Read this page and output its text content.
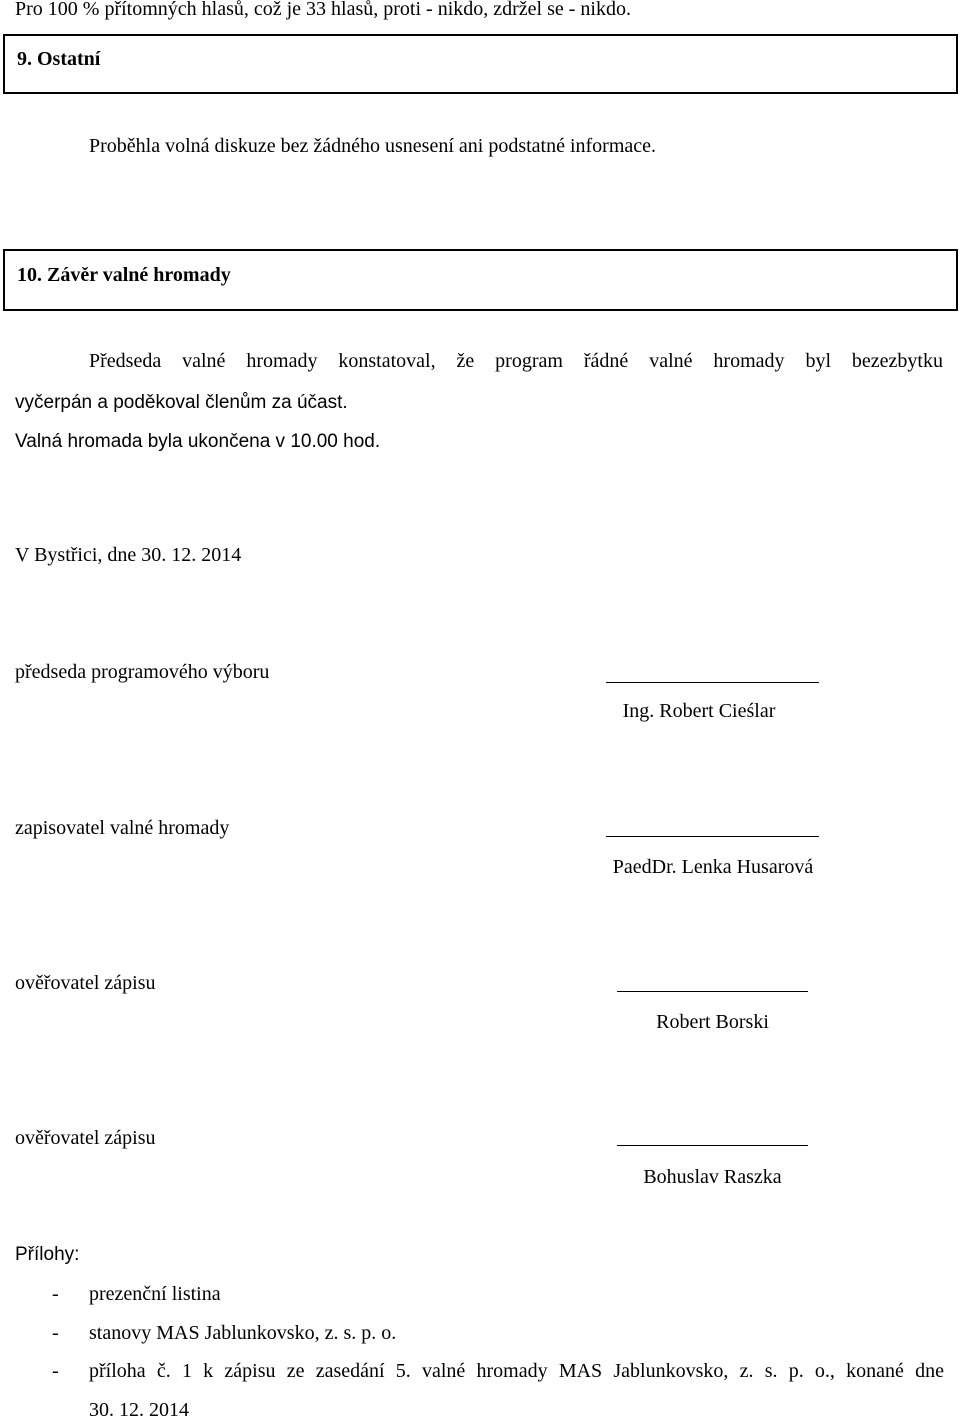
Pro 100 % přítomných hlasů, což je 33 hlasů, proti - nikdo, zdržel se - nikdo.
9. Ostatní
Proběhla volná diskuze bez žádného usnesení ani podstatné informace.
10. Závěr valné hromady
Předseda valné hromady konstatoval, že program řádné valné hromady byl bezezbytku
vyčerpán a poděkoval členům za účast.
Valná hromada byla ukončena v 10.00 hod.
V Bystřici, dne 30. 12. 2014
předseda programového výboru
Ing. Robert Cieślar
zapisovatel valné hromady
PaedDr. Lenka Husarová
ověřovatel zápisu
Robert Borski
ověřovatel zápisu
Bohuslav Raszka
Přílohy:
- prezenční listina
- stanovy MAS Jablunkovsko, z. s. p. o.
- příloha č. 1 k zápisu ze zasedání 5. valné hromady MAS Jablunkovsko, z. s. p. o., konané dne
30. 12. 2014
